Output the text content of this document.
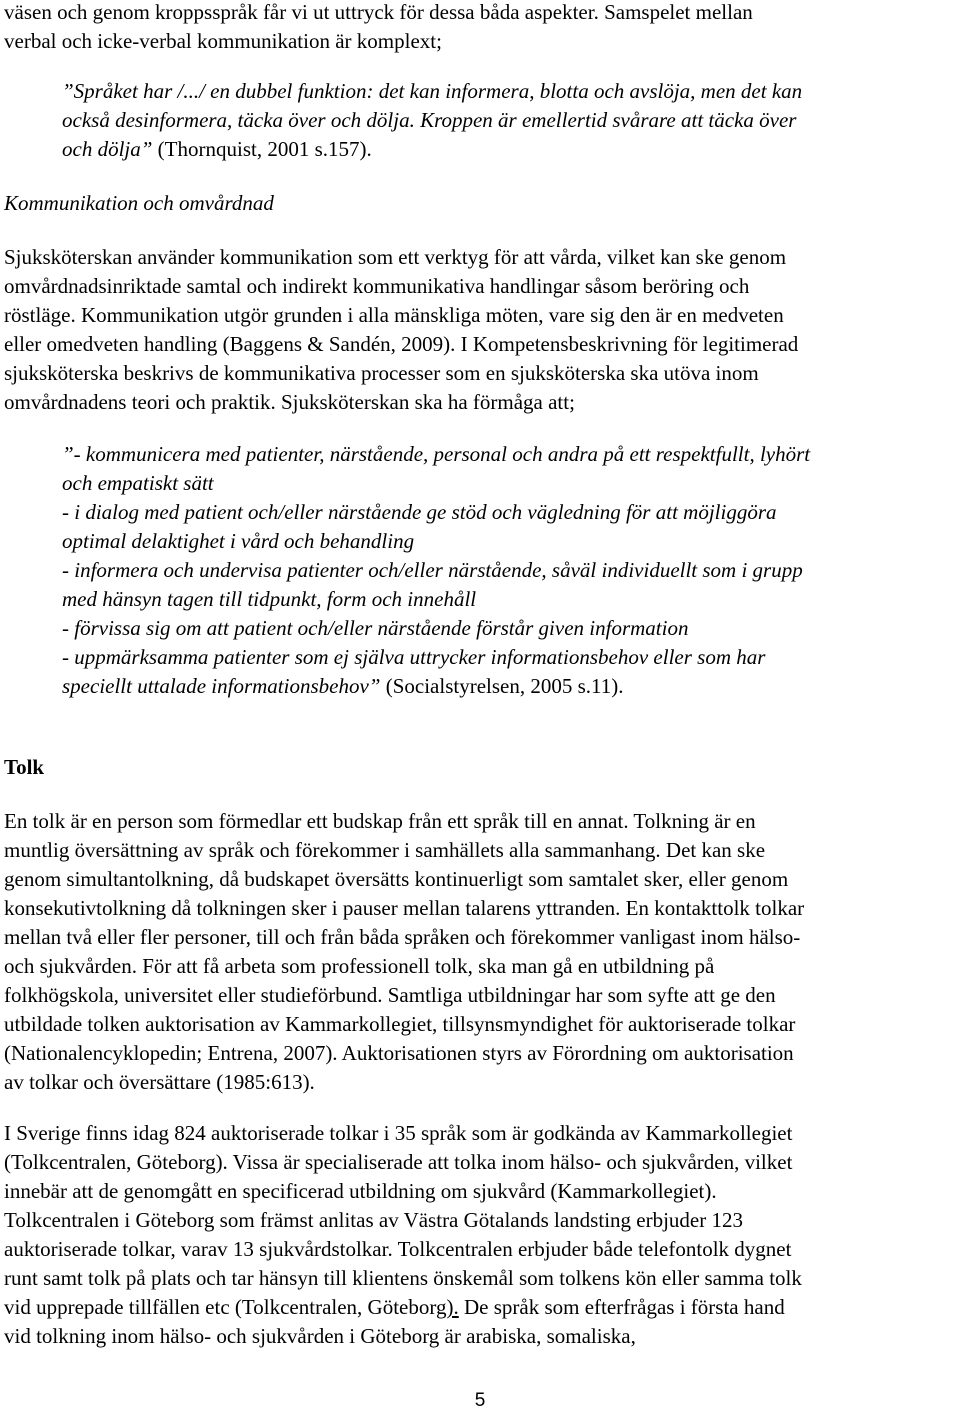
väsen och genom kroppsspråk får vi ut uttryck för dessa båda aspekter. Samspelet mellan
verbal och icke-verbal kommunikation är komplext;

”Språket har /.../ en dubbel funktion: det kan informera, blotta och avslöja, men det kan
också desinformera, täcka över och dölja. Kroppen är emellertid svårare att täcka över
och dölja” (Thornquist, 2001 s.157).

Kommunikation och omvårdnad

Sjuksköterskan använder kommunikation som ett verktyg för att vårda, vilket kan ske genom
omvårdnadsinriktade samtal och indirekt kommunikativa handlingar såsom beröring och
röstläge. Kommunikation utgör grunden i alla mänskliga möten, vare sig den är en medveten
eller omedveten handling (Baggens & Sandén, 2009). I Kompetensbeskrivning för legitimerad
sjuksköterska beskrivs de kommunikativa processer som en sjuksköterska ska utöva inom
omvårdnadens teori och praktik. Sjuksköterskan ska ha förmåga att;

”- kommunicera med patienter, närstående, personal och andra på ett respektfullt, lyhört
och empatiskt sätt
- i dialog med patient och/eller närstående ge stöd och vägledning för att möjliggöra
optimal delaktighet i vård och behandling
- informera och undervisa patienter och/eller närstående, såväl individuellt som i grupp
med hänsyn tagen till tidpunkt, form och innehåll
- förvissa sig om att patient och/eller närstående förstår given information
- uppmärksamma patienter som ej själva uttrycker informationsbehov eller som har
speciellt uttalade informationsbehov” (Socialstyrelsen, 2005 s.11).

Tolk

En tolk är en person som förmedlar ett budskap från ett språk till en annat. Tolkning är en
muntlig översättning av språk och förekommer i samhällets alla sammanhang. Det kan ske
genom simultantolkning, då budskapet översätts kontinuerligt som samtalet sker, eller genom
konsekutivtolkning då tolkningen sker i pauser mellan talarens yttranden. En kontakttolk tolkar
mellan två eller fler personer, till och från båda språken och förekommer vanligast inom hälso-
och sjukvården. För att få arbeta som professionell tolk, ska man gå en utbildning på
folkhögskola, universitet eller studieförbund. Samtliga utbildningar har som syfte att ge den
utbildade tolken auktorisation av Kammarkollegiet, tillsynsmyndighet för auktoriserade tolkar
(Nationalencyklopedin; Entrena, 2007). Auktorisationen styrs av Förordning om auktorisation
av tolkar och översättare (1985:613).

I Sverige finns idag 824 auktoriserade tolkar i 35 språk som är godkända av Kammarkollegiet
(Tolkcentralen, Göteborg). Vissa är specialiserade att tolka inom hälso- och sjukvården, vilket
innebär att de genomgått en specificerad utbildning om sjukvård (Kammarkollegiet).
Tolkcentralen i Göteborg som främst anlitas av Västra Götalands landsting erbjuder 123
auktoriserade tolkar, varav 13 sjukvårdstolkar. Tolkcentralen erbjuder både telefontolk dygnet
runt samt tolk på plats och tar hänsyn till klientens önskemål som tolkens kön eller samma tolk
vid upprepade tillfällen etc (Tolkcentralen, Göteborg). De språk som efterfrågas i första hand
vid tolkning inom hälso- och sjukvården i Göteborg är arabiska, somaliska,

5
